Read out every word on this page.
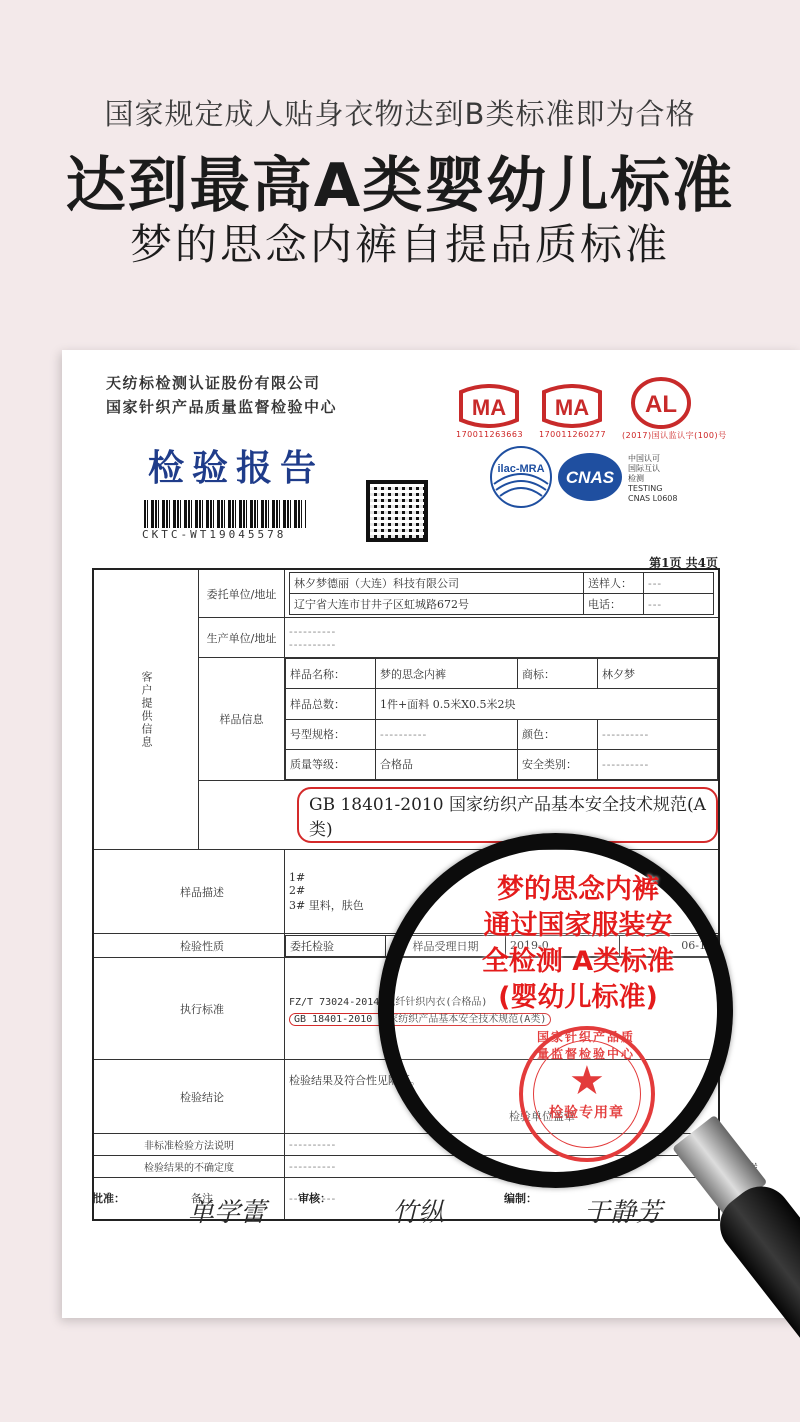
国家规定成人贴身衣物达到B类标准即为合格
达到最高A类婴幼儿标准
梦的思念内裤自提品质标准
天纺标检测认证股份有限公司
国家针织产品质量监督检验中心
检验报告
CKTC-WT19045578
MA
170011263663
MA
170011260277
AL
(2017)国认监认字(100)号
ilac-MRA CNAS
中国认可
国际互认
检测
TESTING
CNAS L0608
第1页 共4页
客户提供信息
	委托单位/地址	
林夕梦德丽（大连）科技有限公司	送样人：	---
辽宁省大连市甘井子区虹城路672号	电话：	---

生产单位/地址	
----------
----------

样品信息	
样品名称：	梦的思念内裤	商标：	林夕梦
样品总数：	1件+面料 0.5米X0.5米2块
号型规格：	----------	颜色：	----------
质量等级：	合格品	安全类别：	----------

GB 18401-2010 国家纺织产品基本安全技术规范(A类)
样品描述	
1#
2#
3# 里料，肤色

检验性质		委托检验	样品受理日期	2019-0	06-17

执行标准	
FZ/T 73024-2014 化纤针织内衣(合格品)
GB 18401-2010 国家纺织产品基本安全技术规范(A类)

检验结论	
检验结果及符合性见附页。
检验单位盖章

非标准检验方法说明	----------
检验结果的不确定度	----------

备注	----------
国家针织产品质量监督检验中心
★
检验专用章
批准： 单学蕾	审核： 竹纵	编制： 于静芳
梦的思念内裤
通过国家服装安
全检测 A类标准
(婴幼儿标准)
